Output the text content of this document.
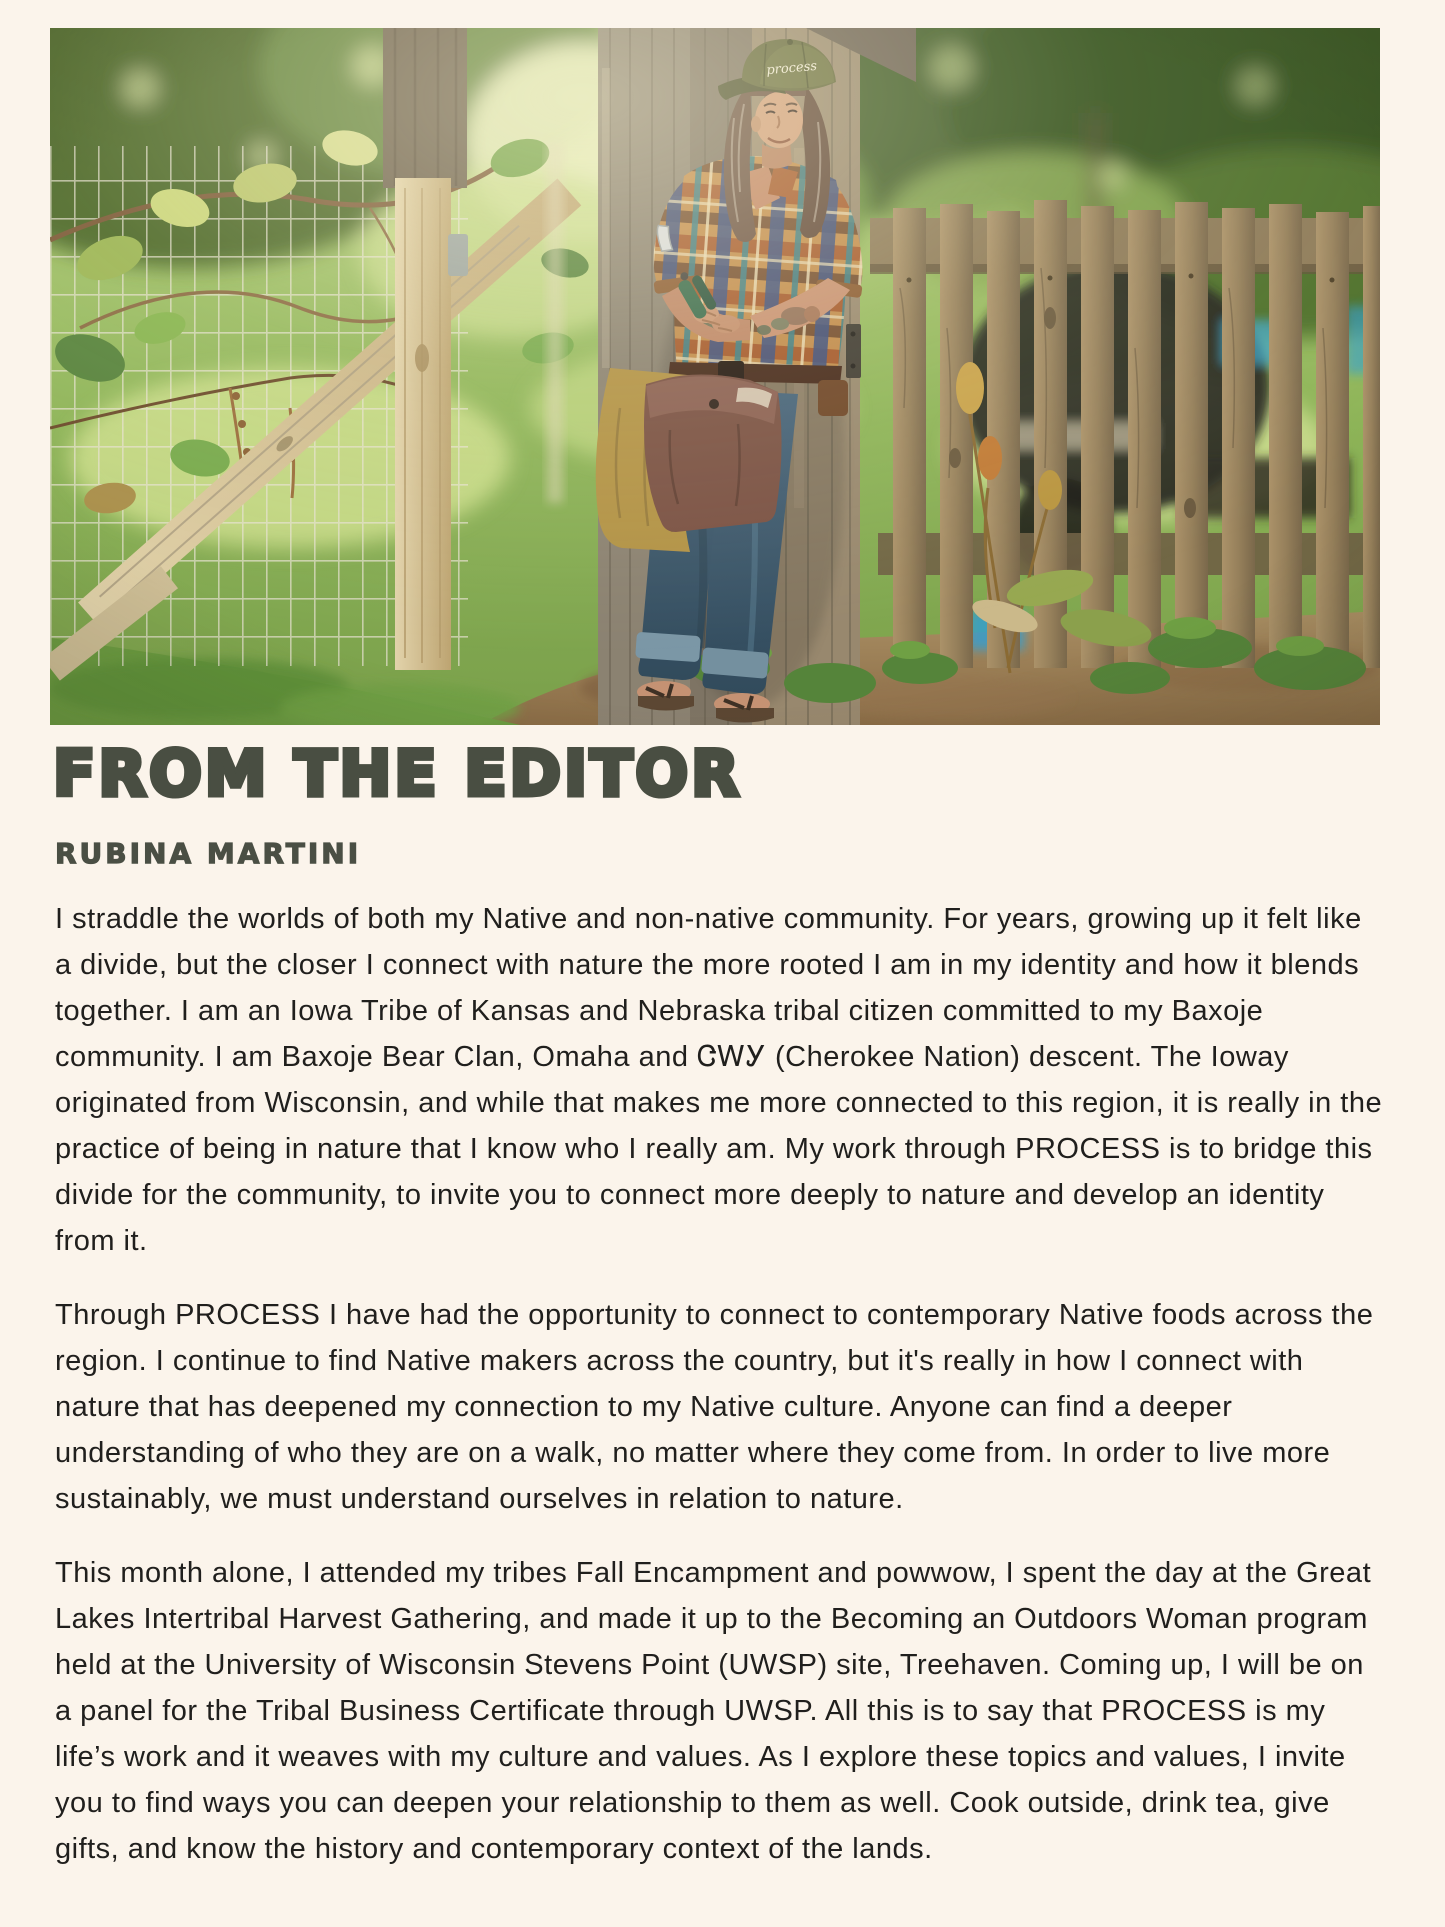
FROM THE EDITOR
RUBINA MARTINI

I straddle the worlds of both my Native and non-native community. For years, growing up it felt like a divide, but the closer I connect with nature the more rooted I am in my identity and how it blends together. I am an Iowa Tribe of Kansas and Nebraska tribal citizen committed to my Baxoje community. I am Baxoje Bear Clan, Omaha and ᏣᎳᎩ (Cherokee Nation) descent. The Ioway originated from Wisconsin, and while that makes me more connected to this region, it is really in the practice of being in nature that I know who I really am. My work through PROCESS is to bridge this divide for the community, to invite you to connect more deeply to nature and develop an identity from it.

Through PROCESS I have had the opportunity to connect to contemporary Native foods across the region. I continue to find Native makers across the country, but it's really in how I connect with nature that has deepened my connection to my Native culture. Anyone can find a deeper understanding of who they are on a walk, no matter where they come from. In order to live more sustainably, we must understand ourselves in relation to nature.

This month alone, I attended my tribes Fall Encampment and powwow, I spent the day at the Great Lakes Intertribal Harvest Gathering, and made it up to the Becoming an Outdoors Woman program held at the University of Wisconsin Stevens Point (UWSP) site, Treehaven. Coming up, I will be on a panel for the Tribal Business Certificate through UWSP. All this is to say that PROCESS is my life’s work and it weaves with my culture and values. As I explore these topics and values, I invite you to find ways you can deepen your relationship to them as well. Cook outside, drink tea, give gifts, and know the history and contemporary context of the lands.
